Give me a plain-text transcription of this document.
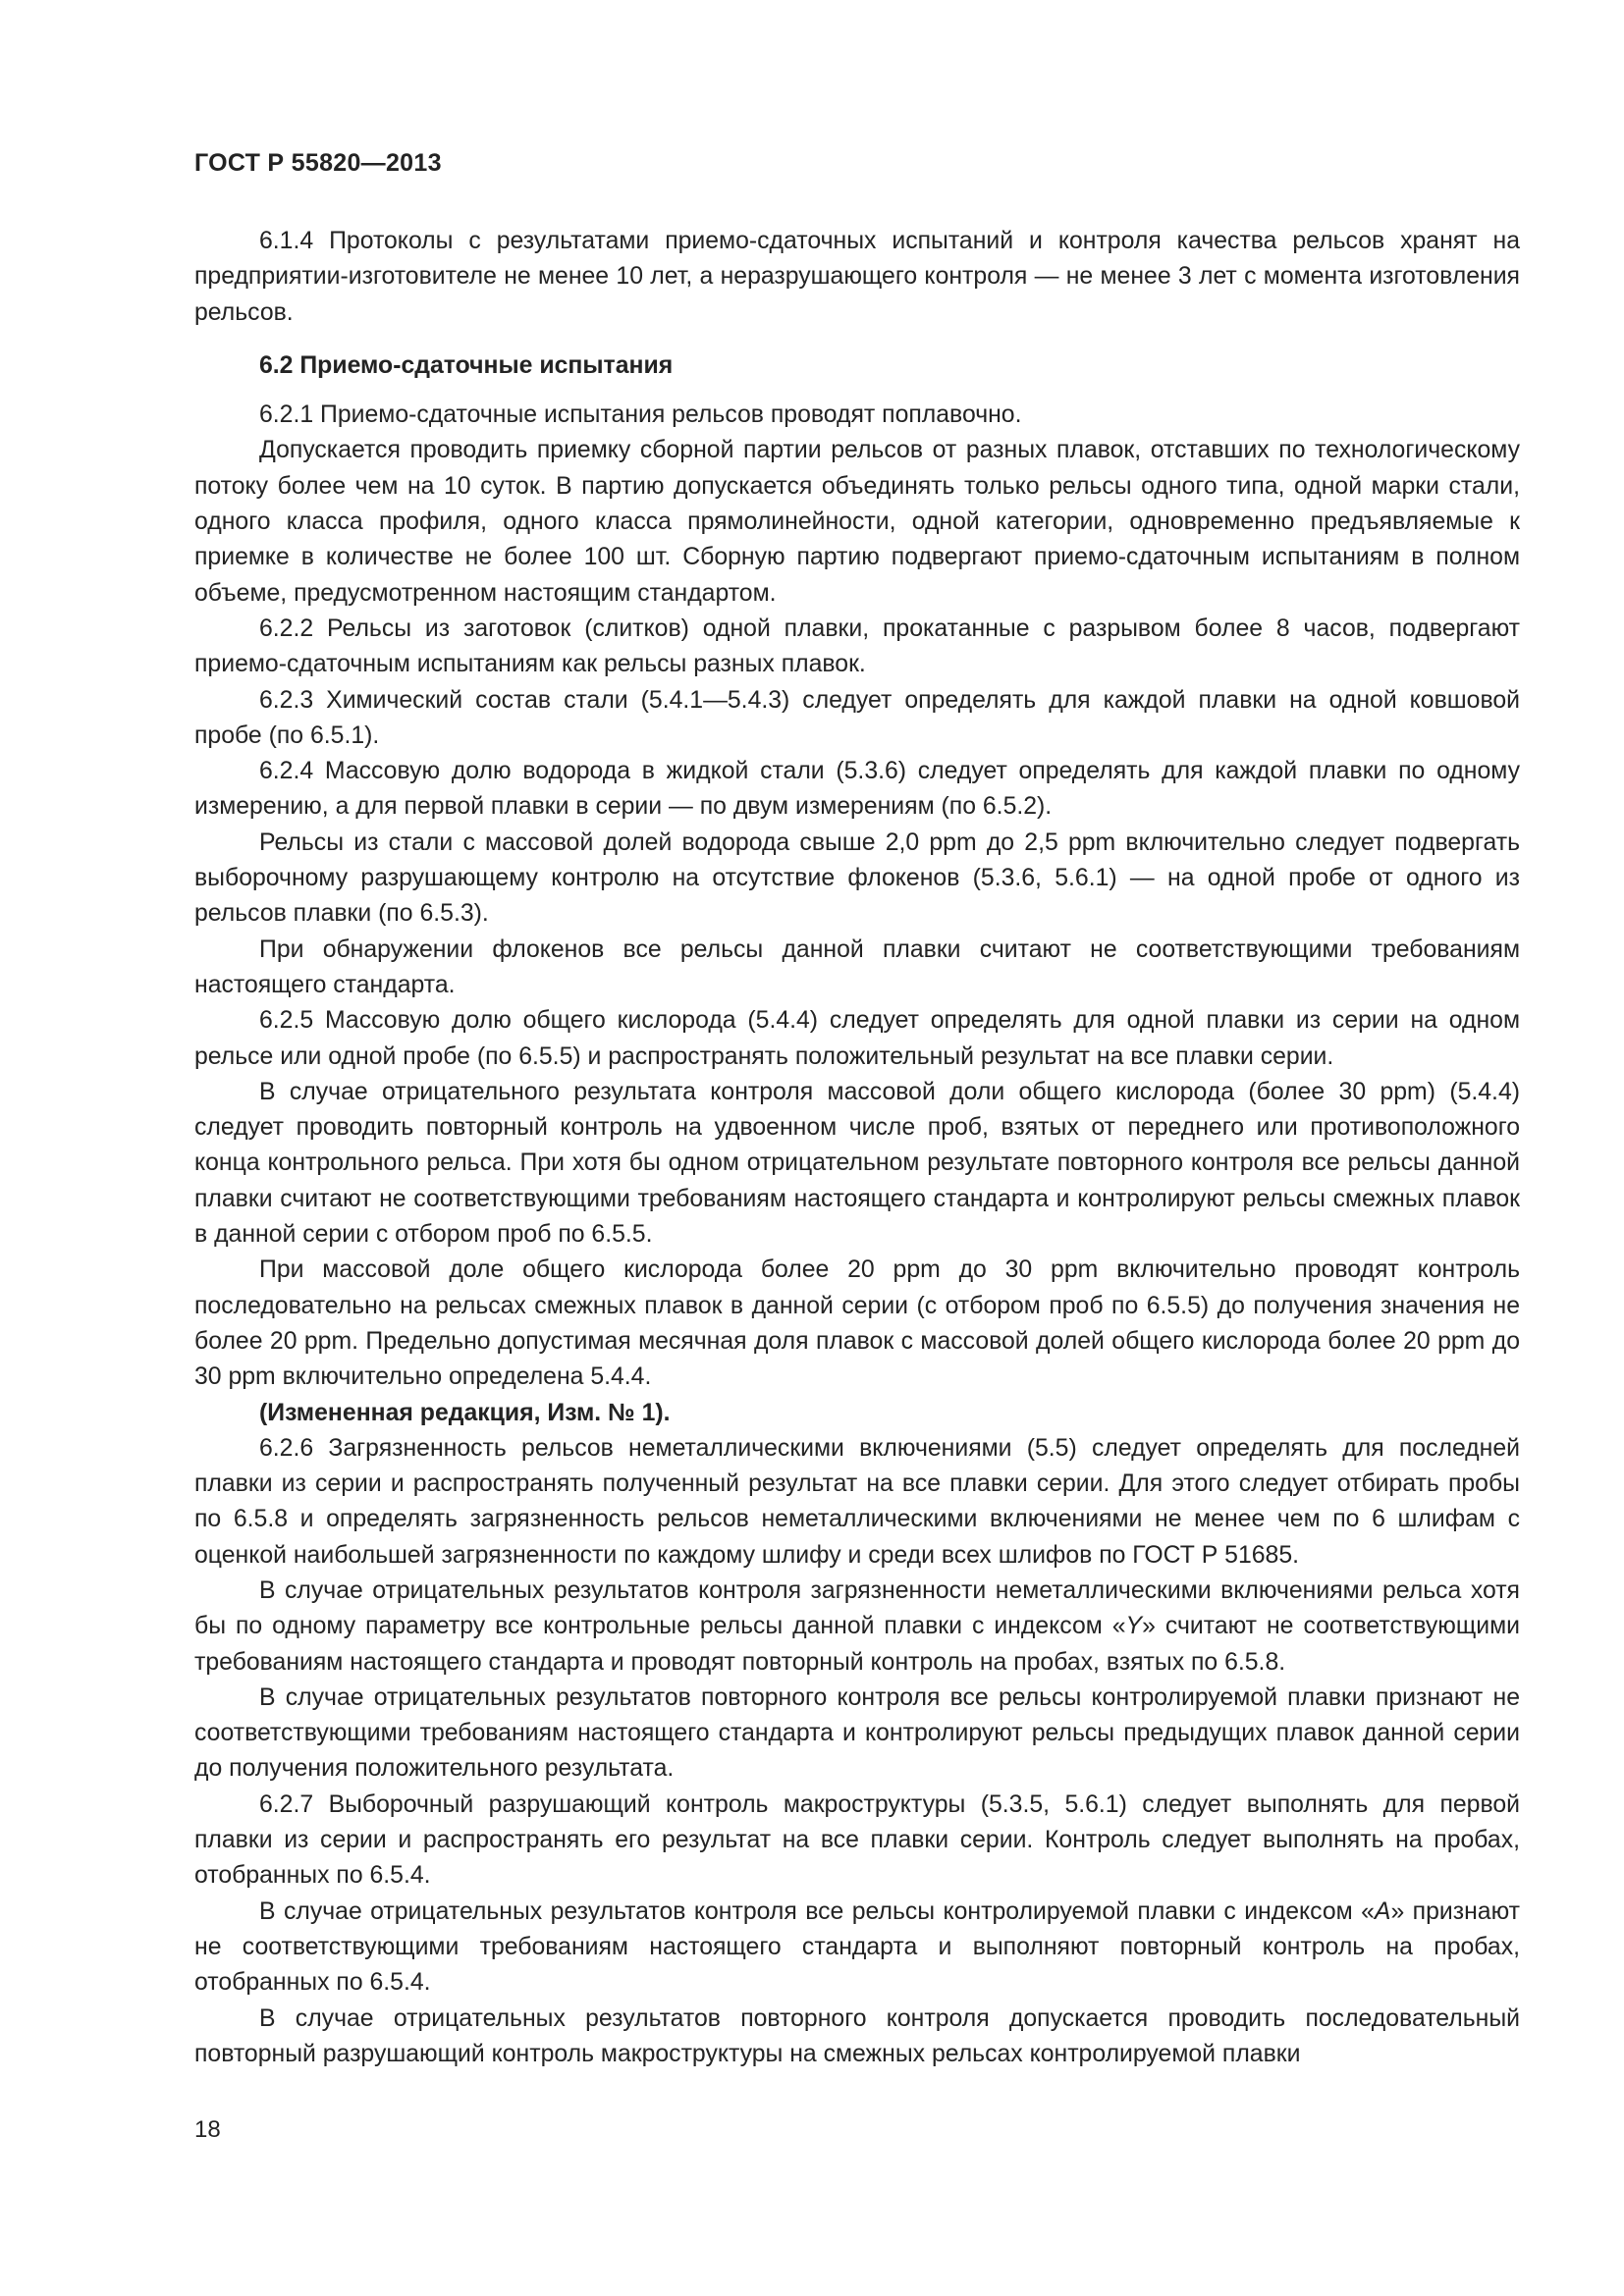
ГОСТ Р 55820—2013

6.1.4 Протоколы с результатами приемо-сдаточных испытаний и контроля качества рельсов хранят на предприятии-изготовителе не менее 10 лет, а неразрушающего контроля — не менее 3 лет с момента изготовления рельсов.

6.2 Приемо-сдаточные испытания

6.2.1 Приемо-сдаточные испытания рельсов проводят поплавочно.

Допускается проводить приемку сборной партии рельсов от разных плавок, отставших по технологическому потоку более чем на 10 суток. В партию допускается объединять только рельсы одного типа, одной марки стали, одного класса профиля, одного класса прямолинейности, одной категории, одновременно предъявляемые к приемке в количестве не более 100 шт. Сборную партию подвергают приемо-сдаточным испытаниям в полном объеме, предусмотренном настоящим стандартом.

6.2.2 Рельсы из заготовок (слитков) одной плавки, прокатанные с разрывом более 8 часов, подвергают приемо-сдаточным испытаниям как рельсы разных плавок.

6.2.3 Химический состав стали (5.4.1—5.4.3) следует определять для каждой плавки на одной ковшовой пробе (по 6.5.1).

6.2.4 Массовую долю водорода в жидкой стали (5.3.6) следует определять для каждой плавки по одному измерению, а для первой плавки в серии — по двум измерениям (по 6.5.2).

Рельсы из стали с массовой долей водорода свыше 2,0 ppm до 2,5 ppm включительно следует подвергать выборочному разрушающему контролю на отсутствие флокенов (5.3.6, 5.6.1) — на одной пробе от одного из рельсов плавки (по 6.5.3).

При обнаружении флокенов все рельсы данной плавки считают не соответствующими требованиям настоящего стандарта.

6.2.5 Массовую долю общего кислорода (5.4.4) следует определять для одной плавки из серии на одном рельсе или одной пробе (по 6.5.5) и распространять положительный результат на все плавки серии.

В случае отрицательного результата контроля массовой доли общего кислорода (более 30 ppm) (5.4.4) следует проводить повторный контроль на удвоенном числе проб, взятых от переднего или противоположного конца контрольного рельса. При хотя бы одном отрицательном результате повторного контроля все рельсы данной плавки считают не соответствующими требованиям настоящего стандарта и контролируют рельсы смежных плавок в данной серии с отбором проб по 6.5.5.

При массовой доле общего кислорода более 20 ppm до 30 ppm включительно проводят контроль последовательно на рельсах смежных плавок в данной серии (с отбором проб по 6.5.5) до получения значения не более 20 ppm. Предельно допустимая месячная доля плавок с массовой долей общего кислорода более 20 ppm до 30 ppm включительно определена 5.4.4.

(Измененная редакция, Изм. № 1).

6.2.6 Загрязненность рельсов неметаллическими включениями (5.5) следует определять для последней плавки из серии и распространять полученный результат на все плавки серии. Для этого следует отбирать пробы по 6.5.8 и определять загрязненность рельсов неметаллическими включениями не менее чем по 6 шлифам с оценкой наибольшей загрязненности по каждому шлифу и среди всех шлифов по ГОСТ Р 51685.

В случае отрицательных результатов контроля загрязненности неметаллическими включениями рельса хотя бы по одному параметру все контрольные рельсы данной плавки с индексом «Y» считают не соответствующими требованиям настоящего стандарта и проводят повторный контроль на пробах, взятых по 6.5.8.

В случае отрицательных результатов повторного контроля все рельсы контролируемой плавки признают не соответствующими требованиям настоящего стандарта и контролируют рельсы предыдущих плавок данной серии до получения положительного результата.

6.2.7 Выборочный разрушающий контроль макроструктуры (5.3.5, 5.6.1) следует выполнять для первой плавки из серии и распространять его результат на все плавки серии. Контроль следует выполнять на пробах, отобранных по 6.5.4.

В случае отрицательных результатов контроля все рельсы контролируемой плавки с индексом «A» признают не соответствующими требованиям настоящего стандарта и выполняют повторный контроль на пробах, отобранных по 6.5.4.

В случае отрицательных результатов повторного контроля допускается проводить последовательный повторный разрушающий контроль макроструктуры на смежных рельсах контролируемой плавки

18
